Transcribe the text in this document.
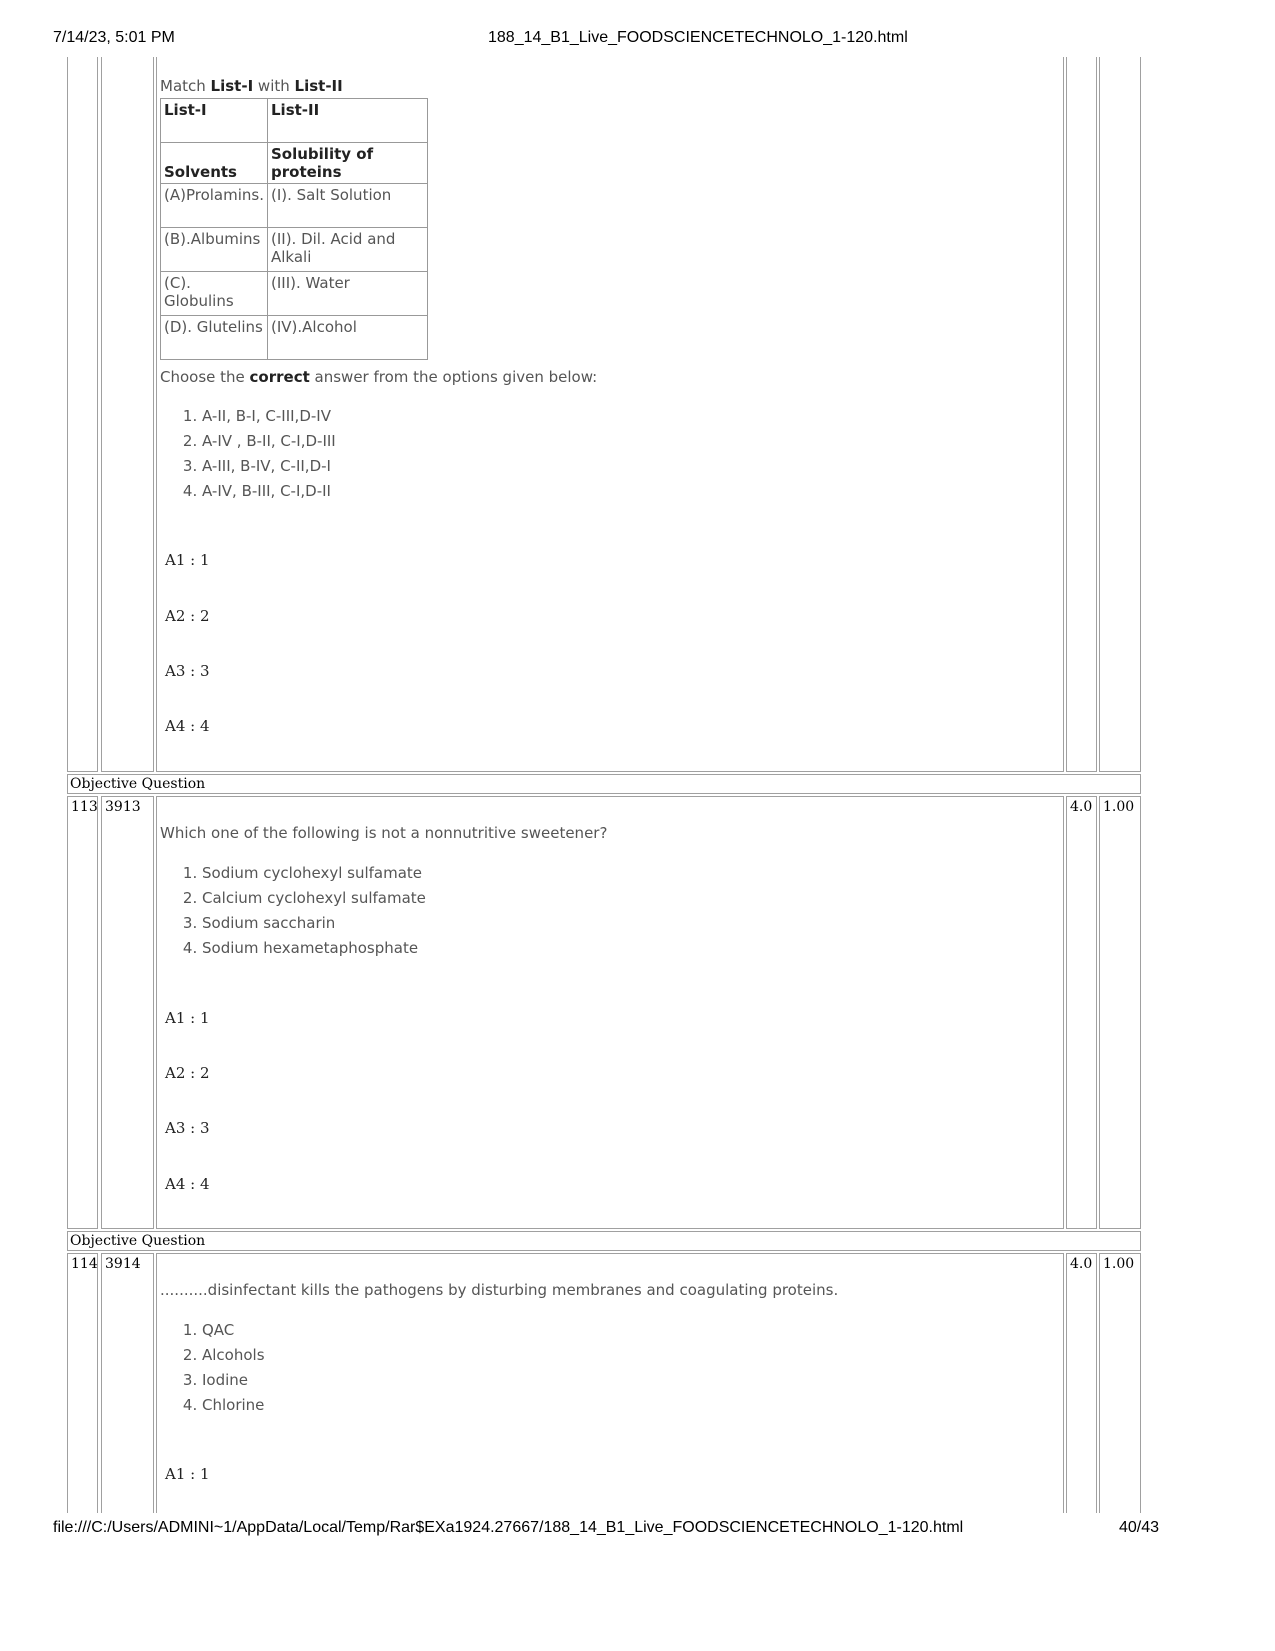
7/14/23, 5:01 PM	188_14_B1_Live_FOODSCIENCETECHNOLO_1-120.html
Match List-I with List-II
List-I	List-II
Solvents	Solubility of proteins
(A)Prolamins.	(I). Salt Solution
(B).Albumins	(II). Dil. Acid and Alkali
(C). Globulins	(III). Water
(D). Glutelins	(IV).Alcohol
Choose the correct answer from the options given below:
1. A-II, B-I, C-III,D-IV
2. A-IV , B-II, C-I,D-III
3. A-III, B-IV, C-II,D-I
4. A-IV, B-III, C-I,D-II
A1 : 1
A2 : 2
A3 : 3
A4 : 4
Objective Question
113 3913	4.0 1.00
Which one of the following is not a nonnutritive sweetener?
1. Sodium cyclohexyl sulfamate
2. Calcium cyclohexyl sulfamate
3. Sodium saccharin
4. Sodium hexametaphosphate
A1 : 1
A2 : 2
A3 : 3
A4 : 4
Objective Question
114 3914	4.0 1.00
..........disinfectant kills the pathogens by disturbing membranes and coagulating proteins.
1. QAC
2. Alcohols
3. Iodine
4. Chlorine
A1 : 1
file:///C:/Users/ADMINI~1/AppData/Local/Temp/Rar$EXa1924.27667/188_14_B1_Live_FOODSCIENCETECHNOLO_1-120.html	40/43
